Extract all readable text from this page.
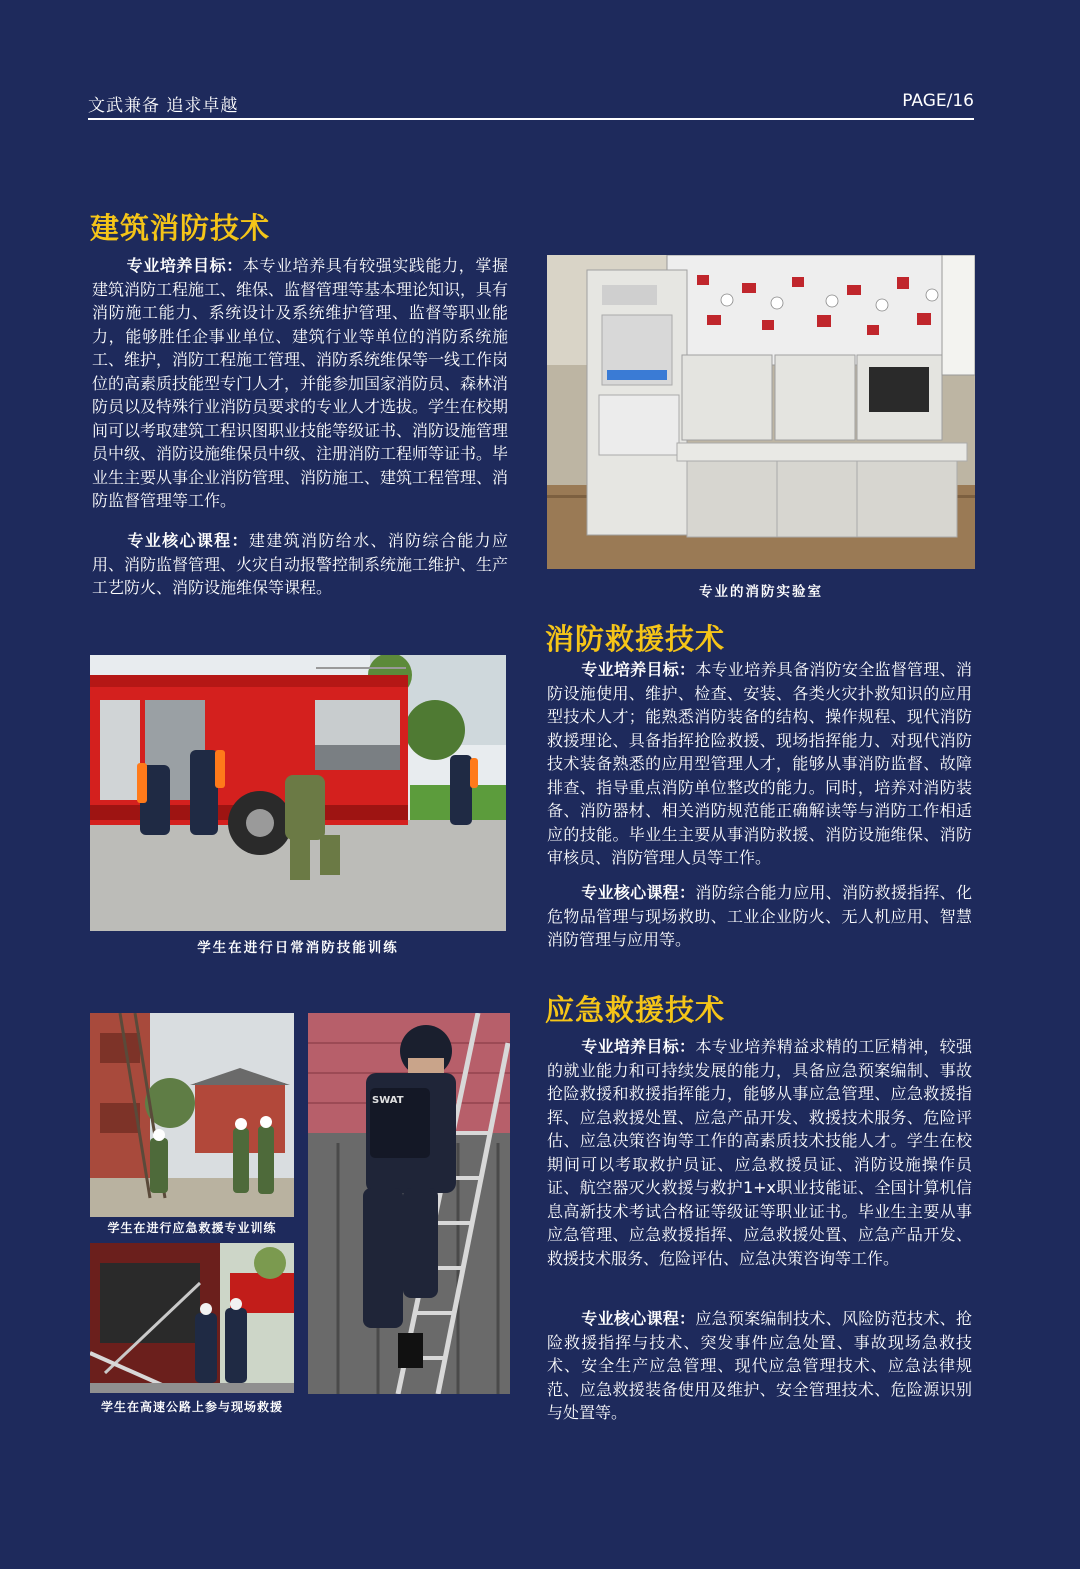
文武兼备 追求卓越	PAGE/16
建筑消防技术
专业培养目标：本专业培养具有较强实践能力，掌握建筑消防工程施工、维保、监督管理等基本理论知识，具有消防施工能力、系统设计及系统维护管理、监督等职业能力，能够胜任企事业单位、建筑行业等单位的消防系统施工、维护，消防工程施工管理、消防系统维保等一线工作岗位的高素质技能型专门人才，并能参加国家消防员、森林消防员以及特殊行业消防员要求的专业人才选拔。学生在校期间可以考取建筑工程识图职业技能等级证书、消防设施管理员中级、消防设施维保员中级、注册消防工程师等证书。毕业生主要从事企业消防管理、消防施工、建筑工程管理、消防监督管理等工作。
专业核心课程：建建筑消防给水、消防综合能力应用、消防监督管理、火灾自动报警控制系统施工维护、生产工艺防火、消防设施维保等课程。	专业的消防实验室
消防救援技术
专业培养目标：本专业培养具备消防安全监督管理、消防设施使用、维护、检查、安装、各类火灾扑救知识的应用型技术人才；能熟悉消防装备的结构、操作规程、现代消防救援理论、具备指挥抢险救援、现场指挥能力、对现代消防技术装备熟悉的应用型管理人才，能够从事消防监督、故障排查、指导重点消防单位整改的能力。同时，培养对消防装备、消防器材、相关消防规范能正确解读等与消防工作相适应的技能。毕业生主要从事消防救援、消防设施维保、消防审核员、消防管理人员等工作。
专业核心课程：消防综合能力应用、消防救援指挥、化危物品管理与现场救助、工业企业防火、无人机应用、智慧消防管理与应用等。
学生在进行日常消防技能训练
应急救援技术
专业培养目标：本专业培养精益求精的工匠精神，较强的就业能力和可持续发展的能力，具备应急预案编制、事故抢险救援和救援指挥能力，能够从事应急管理、应急救援指挥、应急救援处置、应急产品开发、救援技术服务、危险评估、应急决策咨询等工作的高素质技术技能人才。学生在校期间可以考取救护员证、应急救援员证、消防设施操作员证、航空器灭火救援与救护1+x职业技能证、全国计算机信息高新技术考试合格证等级证等职业证书。毕业生主要从事应急管理、应急救援指挥、应急救援处置、应急产品开发、救援技术服务、危险评估、应急决策咨询等工作。
专业核心课程：应急预案编制技术、风险防范技术、抢险救援指挥与技术、突发事件应急处置、事故现场急救技术、安全生产应急管理、现代应急管理技术、应急法律规范、应急救援装备使用及维护、安全管理技术、危险源识别与处置等。
学生在进行应急救援专业训练
学生在高速公路上参与现场救援
SWAT
